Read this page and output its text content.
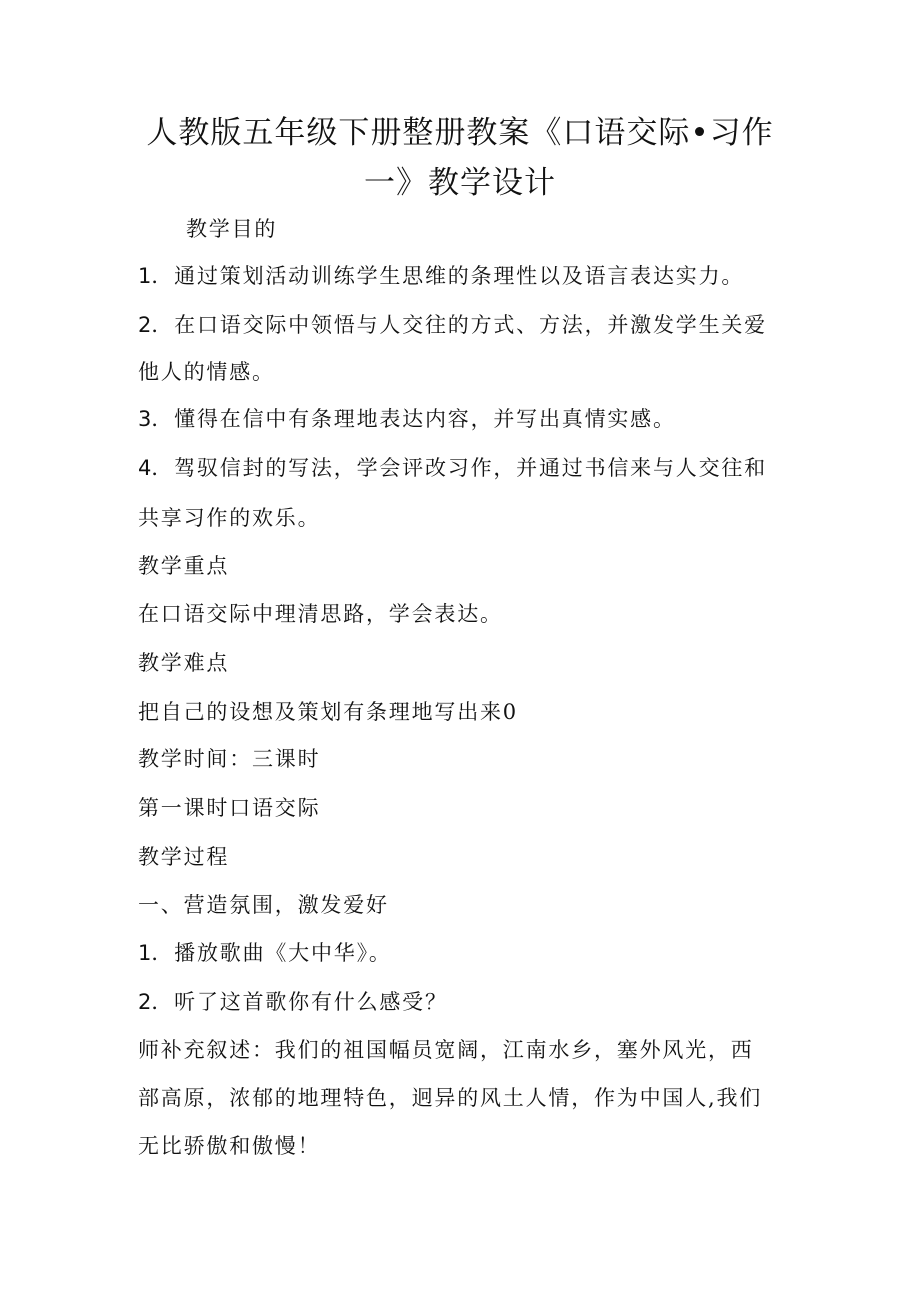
人教版五年级下册整册教案《口语交际•习作
一》教学设计
教学目的
1．通过策划活动训练学生思维的条理性以及语言表达实力。
2．在口语交际中领悟与人交往的方式、方法，并激发学生关爱
他人的情感。
3．懂得在信中有条理地表达内容，并写出真情实感。
4．驾驭信封的写法，学会评改习作，并通过书信来与人交往和
共享习作的欢乐。
教学重点
在口语交际中理清思路，学会表达。
教学难点
把自己的设想及策划有条理地写出来0
教学时间：三课时
第一课时口语交际
教学过程
一、营造氛围，激发爱好
1．播放歌曲《大中华》。
2．听了这首歌你有什么感受？
师补充叙述：我们的祖国幅员宽阔，江南水乡，塞外风光，西
部高原，浓郁的地理特色，迥异的风土人情，作为中国人,我们
无比骄傲和傲慢！
